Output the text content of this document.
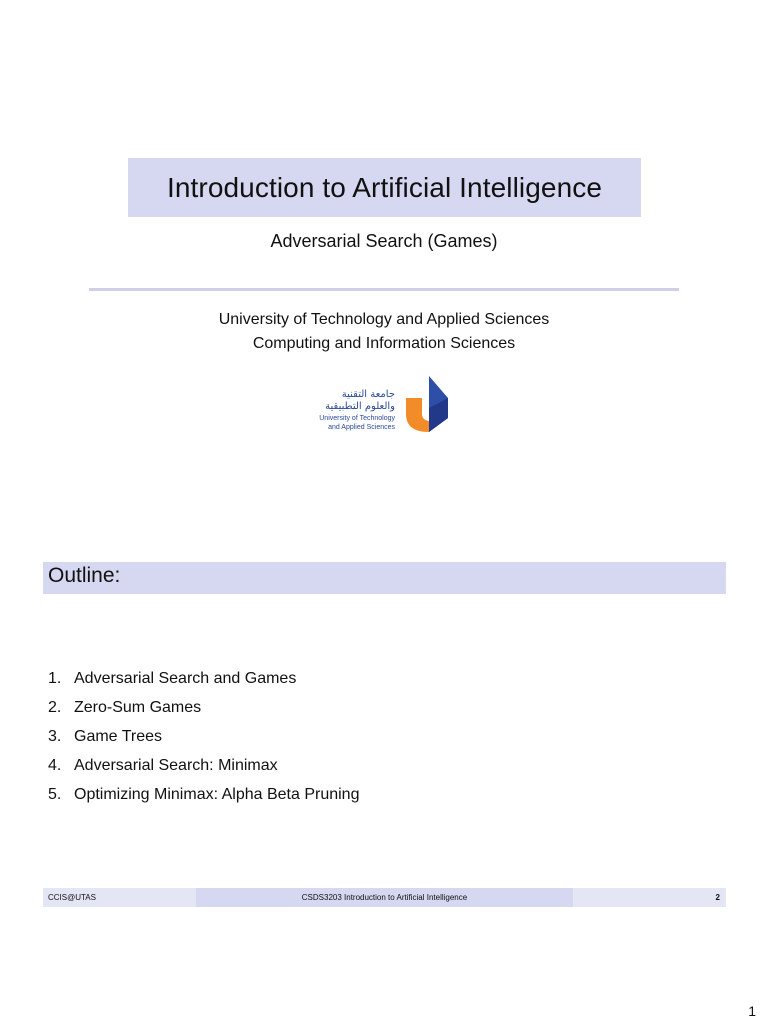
Introduction to Artificial Intelligence
Adversarial Search (Games)
University of Technology and Applied Sciences
Computing and Information Sciences
جامعة التقنية
والعلوم التطبيقية
University of Technology
and Applied Sciences
Outline:
1. Adversarial Search and Games
2. Zero-Sum Games
3. Game Trees
4. Adversarial Search: Minimax
5. Optimizing Minimax: Alpha Beta Pruning
CCIS@UTAS	CSDS3203 Introduction to Artificial Intelligence	2
1
